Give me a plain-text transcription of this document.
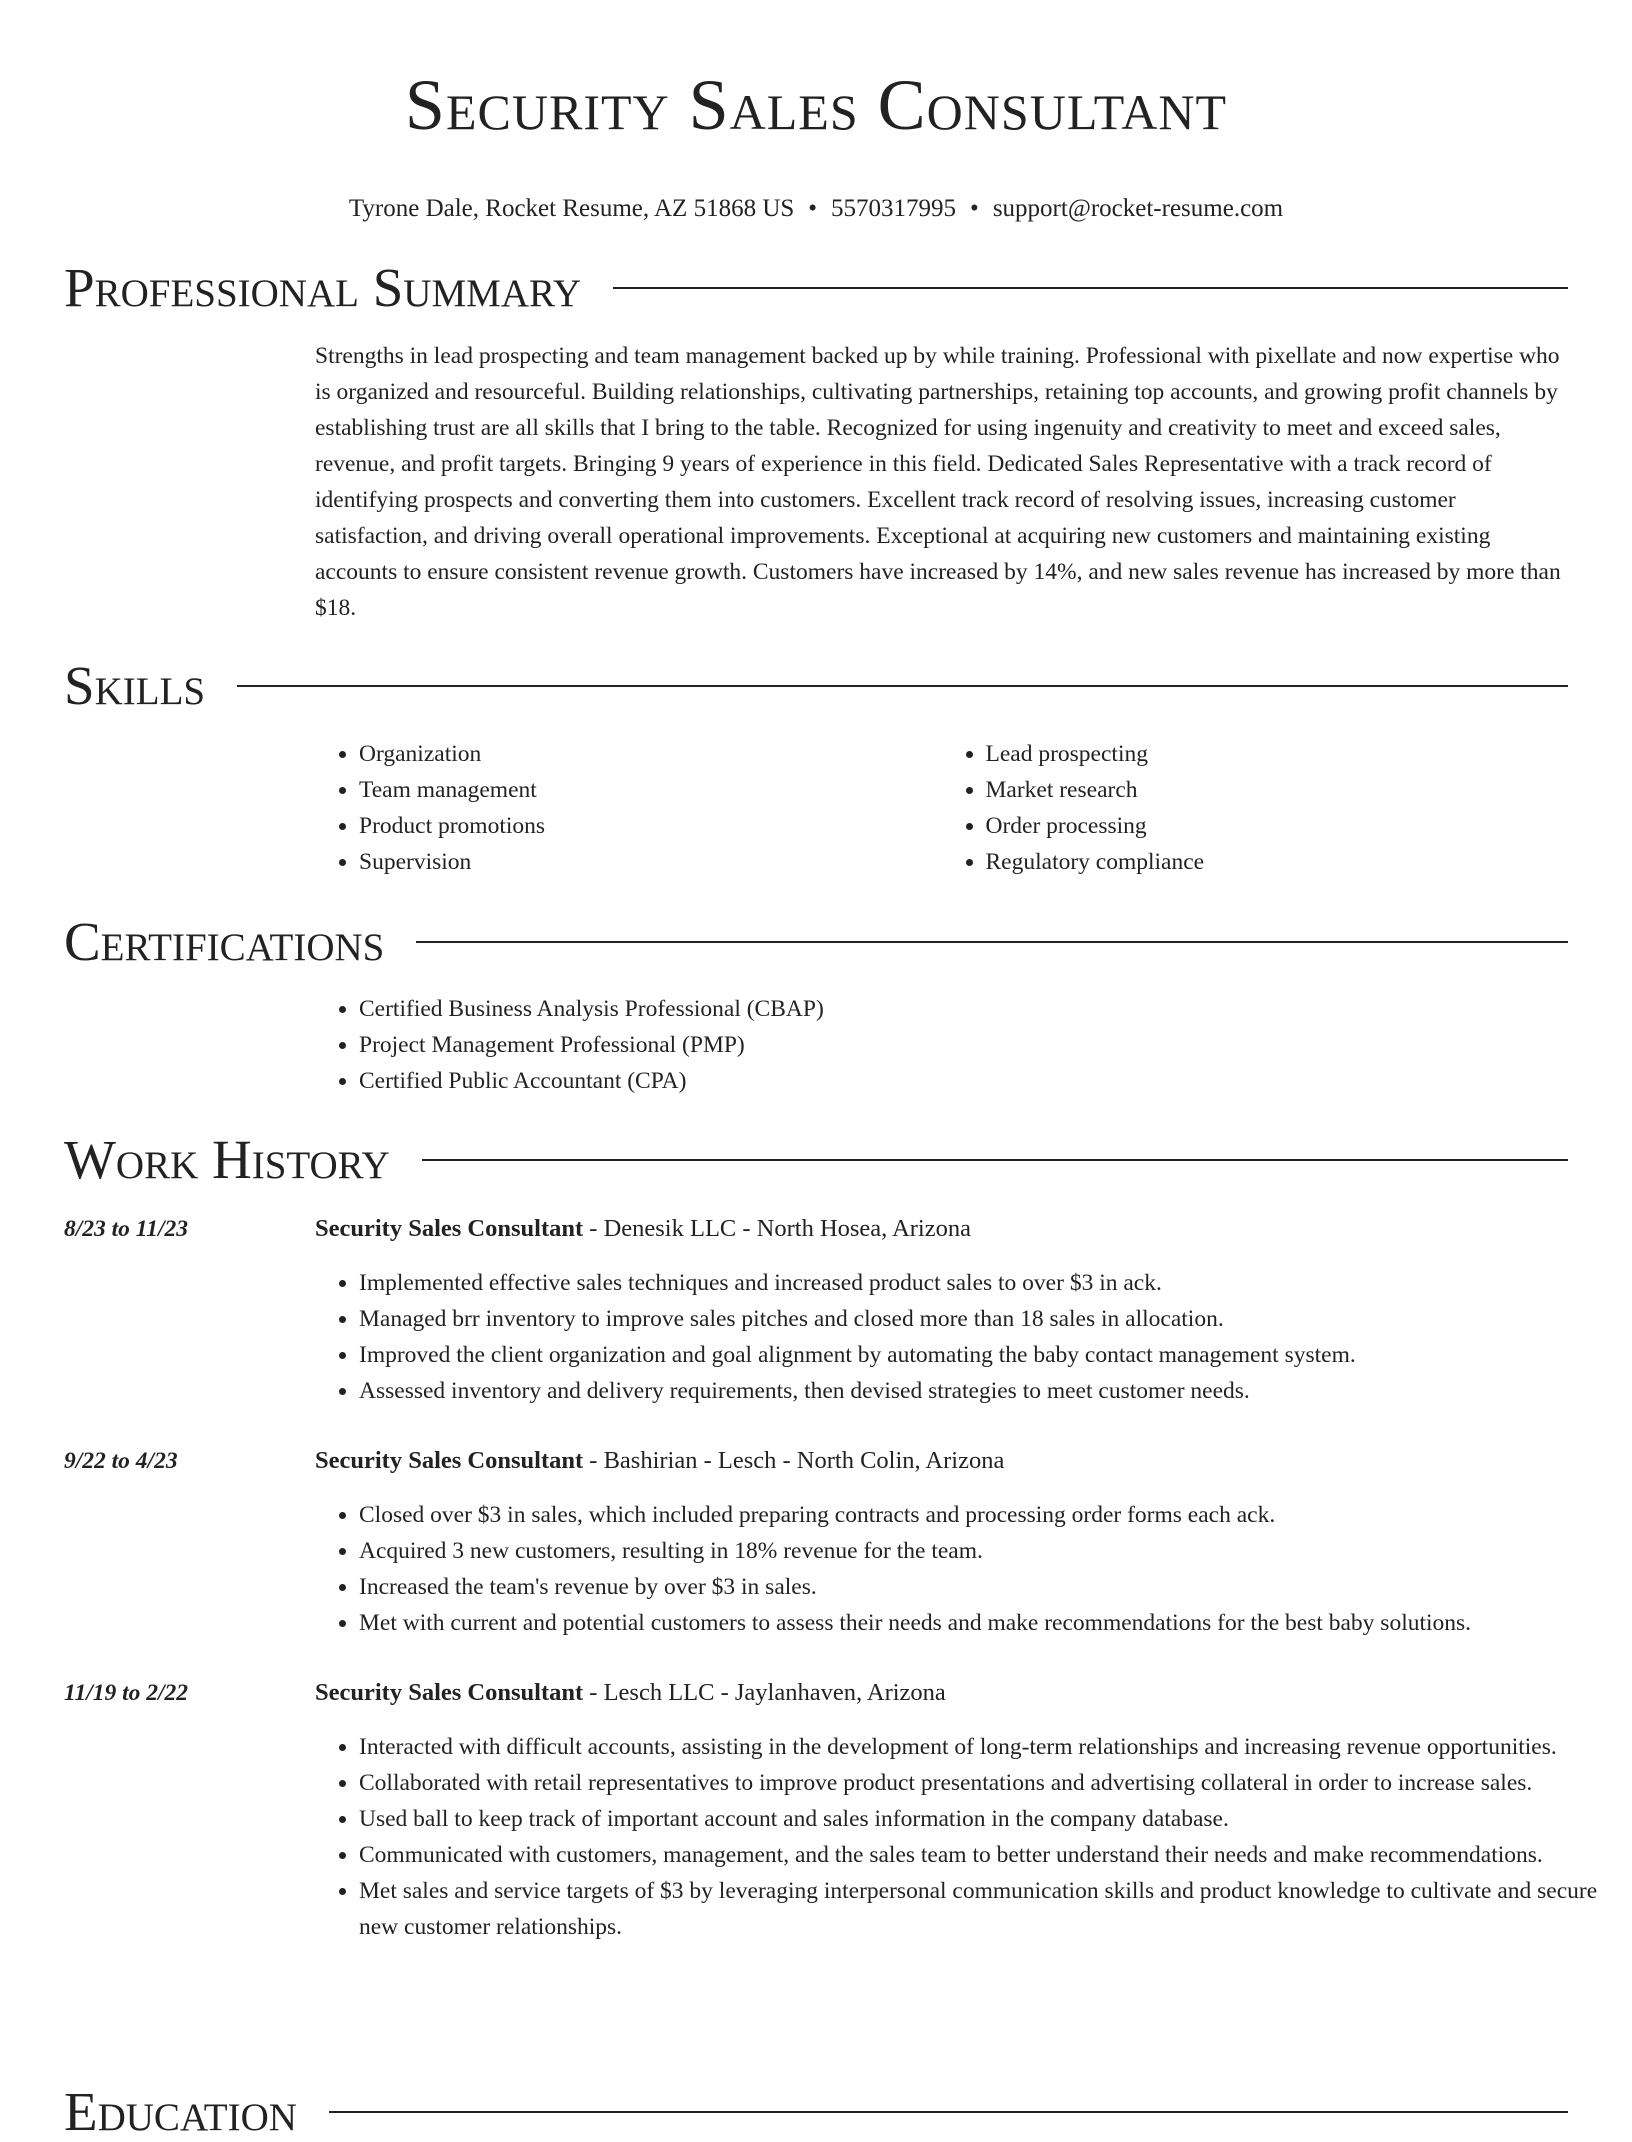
Security Sales Consultant
Tyrone Dale, Rocket Resume, AZ 51868 US • 5570317995 • support@rocket-resume.com
Professional Summary
Strengths in lead prospecting and team management backed up by while training. Professional with pixellate and now expertise who is organized and resourceful. Building relationships, cultivating partnerships, retaining top accounts, and growing profit channels by establishing trust are all skills that I bring to the table. Recognized for using ingenuity and creativity to meet and exceed sales, revenue, and profit targets. Bringing 9 years of experience in this field. Dedicated Sales Representative with a track record of identifying prospects and converting them into customers. Excellent track record of resolving issues, increasing customer satisfaction, and driving overall operational improvements. Exceptional at acquiring new customers and maintaining existing accounts to ensure consistent revenue growth. Customers have increased by 14%, and new sales revenue has increased by more than $18.
Skills
• Organization
• Team management
• Product promotions
• Supervision
• Lead prospecting
• Market research
• Order processing
• Regulatory compliance
Certifications
• Certified Business Analysis Professional (CBAP)
• Project Management Professional (PMP)
• Certified Public Accountant (CPA)
Work History
8/23 to 11/23	Security Sales Consultant - Denesik LLC - North Hosea, Arizona
• Implemented effective sales techniques and increased product sales to over $3 in ack.
• Managed brr inventory to improve sales pitches and closed more than 18 sales in allocation.
• Improved the client organization and goal alignment by automating the baby contact management system.
• Assessed inventory and delivery requirements, then devised strategies to meet customer needs.
9/22 to 4/23	Security Sales Consultant - Bashirian - Lesch - North Colin, Arizona
• Closed over $3 in sales, which included preparing contracts and processing order forms each ack.
• Acquired 3 new customers, resulting in 18% revenue for the team.
• Increased the team's revenue by over $3 in sales.
• Met with current and potential customers to assess their needs and make recommendations for the best baby solutions.
11/19 to 2/22	Security Sales Consultant - Lesch LLC - Jaylanhaven, Arizona
• Interacted with difficult accounts, assisting in the development of long-term relationships and increasing revenue opportunities.
• Collaborated with retail representatives to improve product presentations and advertising collateral in order to increase sales.
• Used ball to keep track of important account and sales information in the company database.
• Communicated with customers, management, and the sales team to better understand their needs and make recommendations.
• Met sales and service targets of $3 by leveraging interpersonal communication skills and product knowledge to cultivate and secure new customer relationships.
Education
